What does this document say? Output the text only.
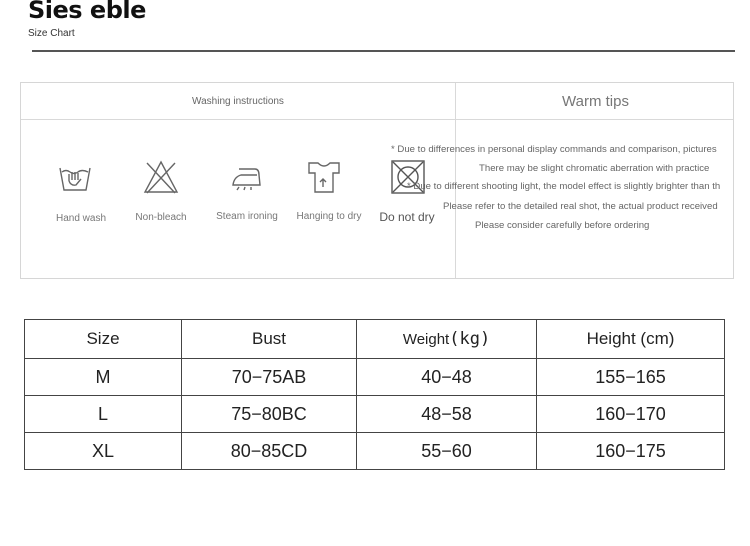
Sies eble
Size Chart
Washing instructions	Warm tips
Hand wash	Non-bleach	Steam ironing	Hanging to dry	Do not dry
* Due to differences in personal display commands and comparison, pictures
There may be slight chromatic aberration with practice
* Due to different shooting light, the model effect is slightly brighter than th
Please refer to the detailed real shot, the actual product received
Please consider carefully before ordering
Size	Bust	Weight(kg)	Height (cm)
M	70−75AB	40−48	155−165
L	75−80BC	48−58	160−170
XL	80−85CD	55−60	160−175
